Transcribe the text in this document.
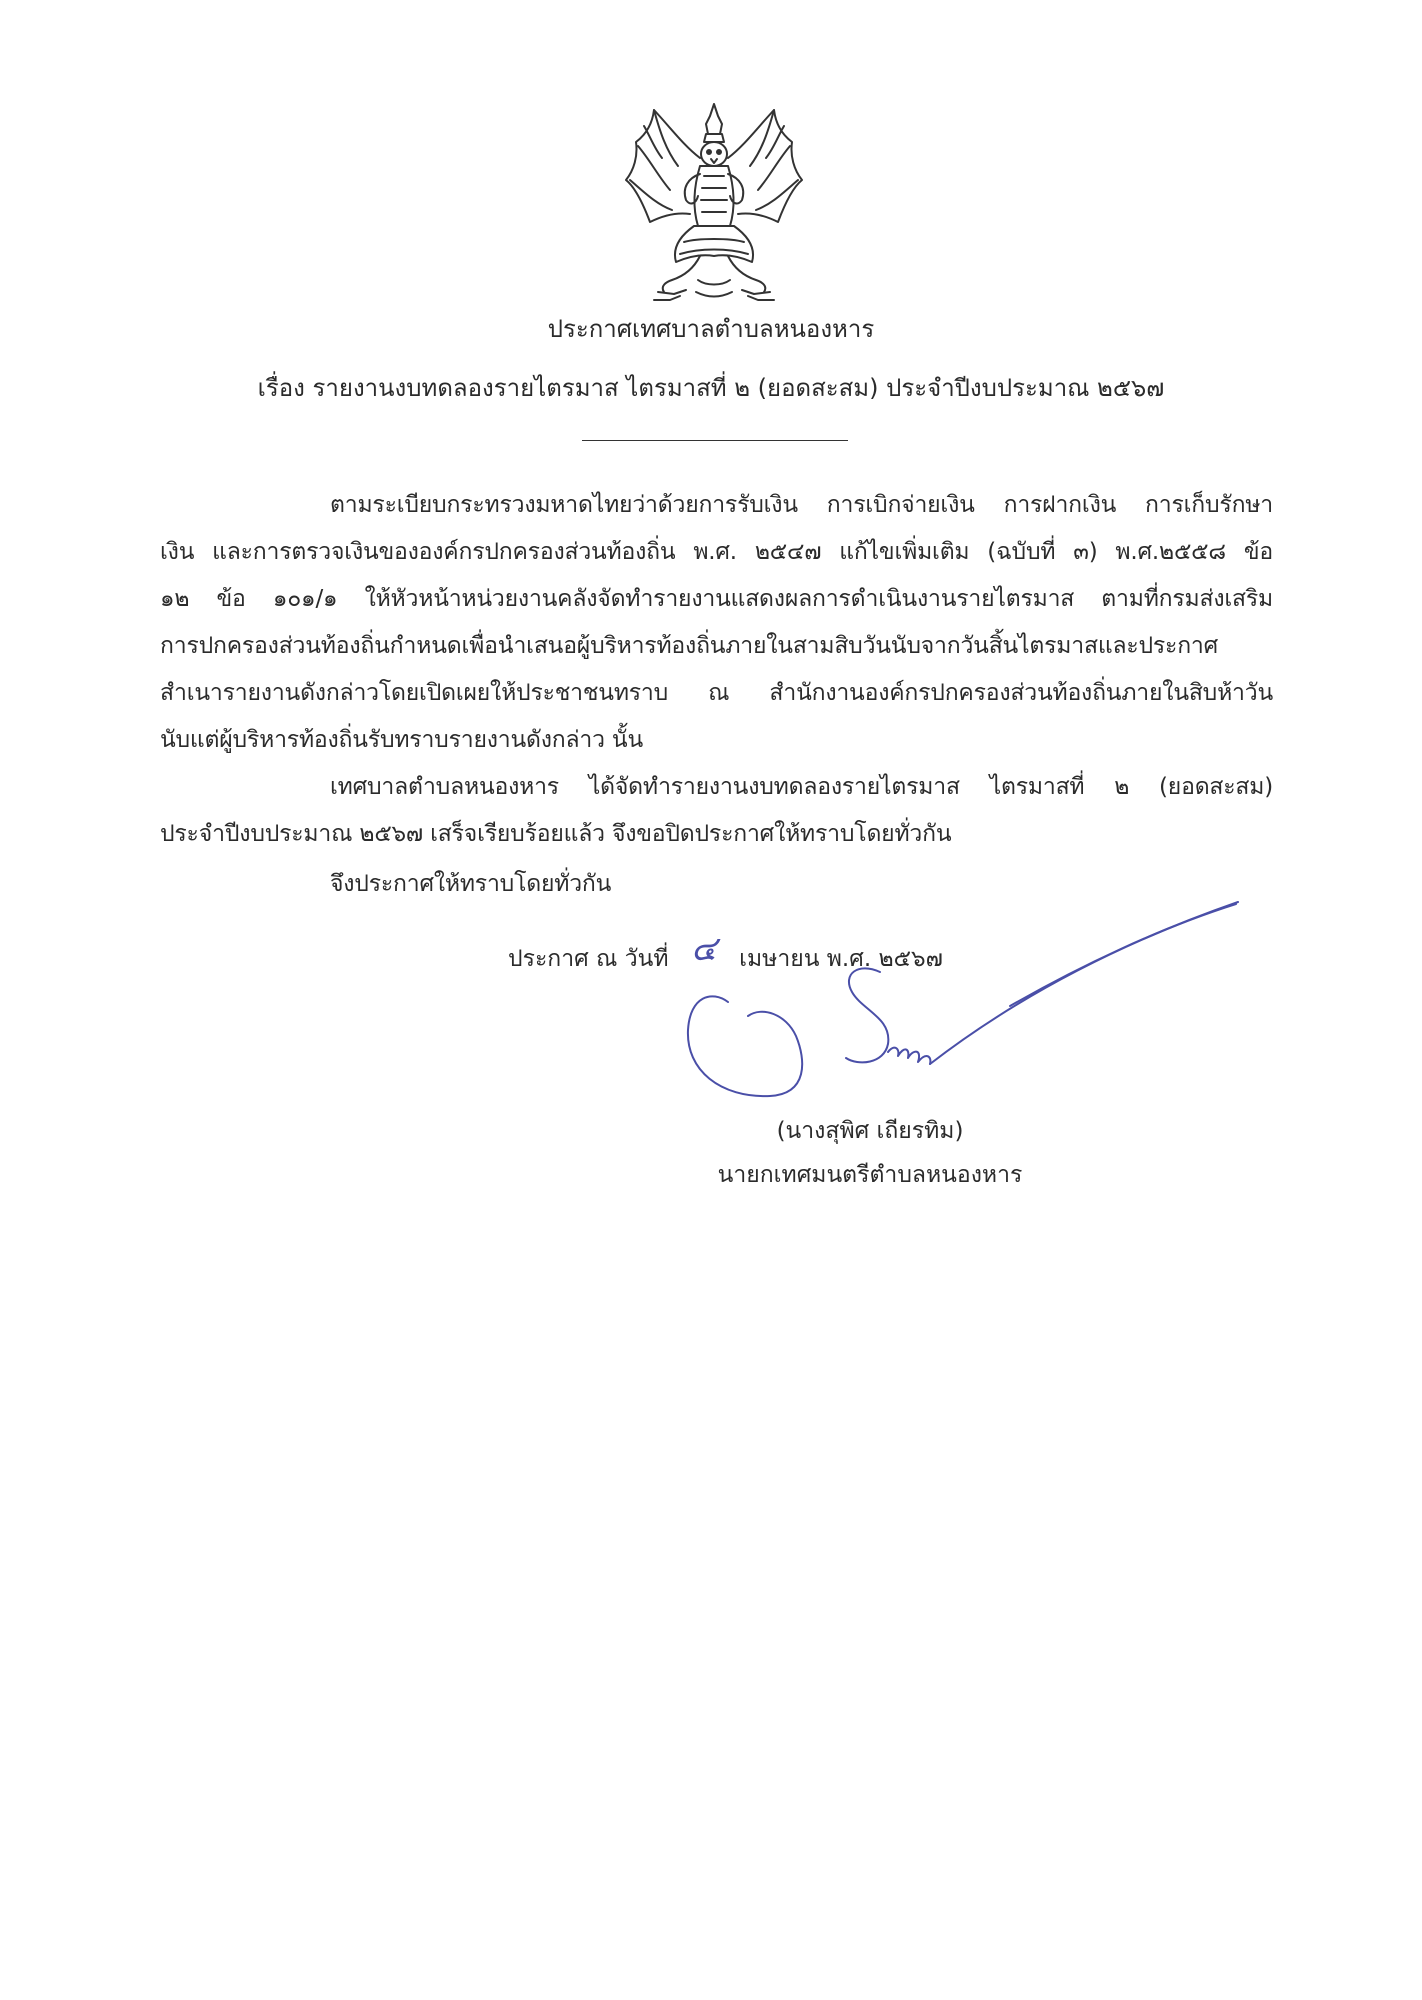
ประกาศเทศบาลตำบลหนองหาร
เรื่อง รายงานงบทดลองรายไตรมาส ไตรมาสที่ ๒ (ยอดสะสม) ประจำปีงบประมาณ ๒๕๖๗
ตามระเบียบกระทรวงมหาดไทยว่าด้วยการรับเงิน การเบิกจ่ายเงิน การฝากเงิน การเก็บรักษา
เงิน และการตรวจเงินขององค์กรปกครองส่วนท้องถิ่น พ.ศ. ๒๕๔๗ แก้ไขเพิ่มเติม (ฉบับที่ ๓) พ.ศ.๒๕๕๘ ข้อ
๑๒ ข้อ ๑๐๑/๑ ให้หัวหน้าหน่วยงานคลังจัดทำรายงานแสดงผลการดำเนินงานรายไตรมาส ตามที่กรมส่งเสริม
การปกครองส่วนท้องถิ่นกำหนดเพื่อนำเสนอผู้บริหารท้องถิ่นภายในสามสิบวันนับจากวันสิ้นไตรมาสและประกาศ
สำเนารายงานดังกล่าวโดยเปิดเผยให้ประชาชนทราบ ณ สำนักงานองค์กรปกครองส่วนท้องถิ่นภายในสิบห้าวัน
นับแต่ผู้บริหารท้องถิ่นรับทราบรายงานดังกล่าว นั้น
เทศบาลตำบลหนองหาร ได้จัดทำรายงานงบทดลองรายไตรมาส ไตรมาสที่ ๒ (ยอดสะสม)
ประจำปีงบประมาณ ๒๕๖๗ เสร็จเรียบร้อยแล้ว จึงขอปิดประกาศให้ทราบโดยทั่วกัน
จึงประกาศให้ทราบโดยทั่วกัน
ประกาศ ณ วันที่ ๔ เมษายน พ.ศ. ๒๕๖๗
(นางสุพิศ เถียรทิม)
นายกเทศมนตรีตำบลหนองหาร
